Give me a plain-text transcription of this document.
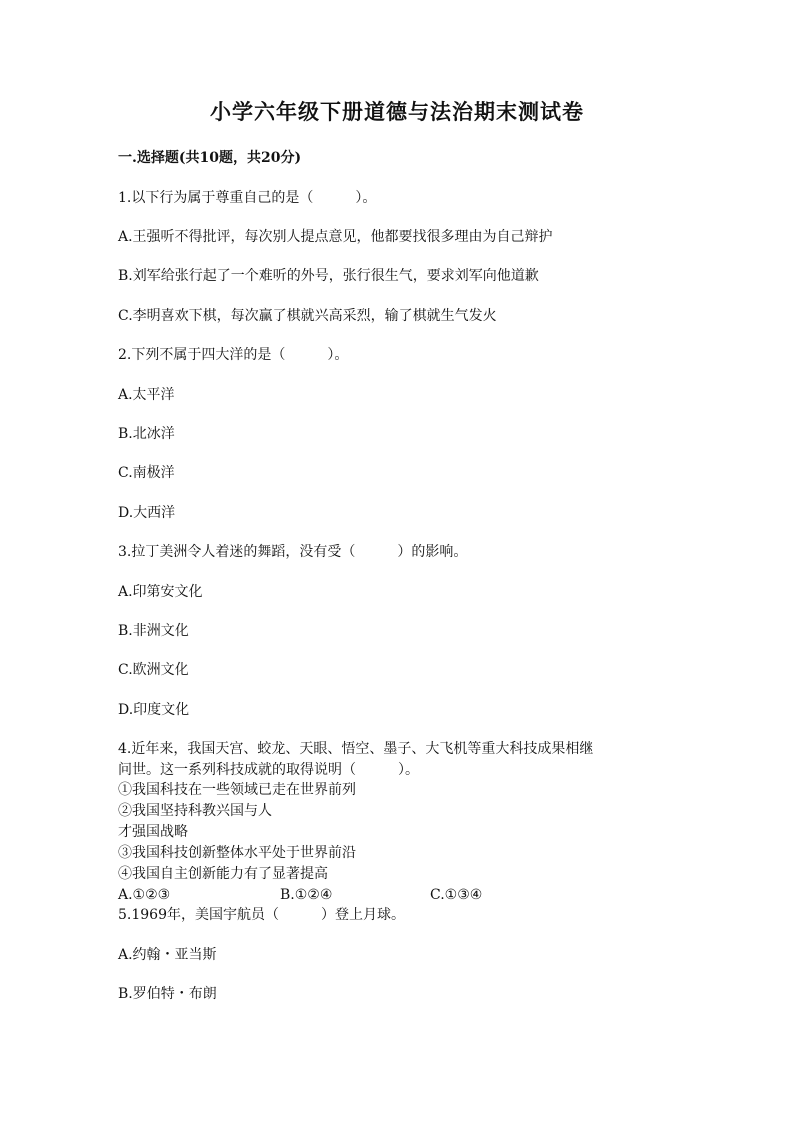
小学六年级下册道德与法治期末测试卷
一.选择题(共10题，共20分)
1.以下行为属于尊重自己的是（　　　）。
A.王强听不得批评，每次别人提点意见，他都要找很多理由为自己辩护
B.刘军给张行起了一个难听的外号，张行很生气，要求刘军向他道歉
C.李明喜欢下棋，每次赢了棋就兴高采烈，输了棋就生气发火
2.下列不属于四大洋的是（　　　）。
A.太平洋
B.北冰洋
C.南极洋
D.大西洋
3.拉丁美洲令人着迷的舞蹈，没有受（　　　）的影响。
A.印第安文化
B.非洲文化
C.欧洲文化
D.印度文化
4.近年来，我国天宫、蛟龙、天眼、悟空、墨子、大飞机等重大科技成果相继
问世。这一系列科技成就的取得说明（　　　）。
①我国科技在一些领域已走在世界前列
②我国坚持科教兴国与人
才强国战略
③我国科技创新整体水平处于世界前沿
④我国自主创新能力有了显著提高
A.①②③	B.①②④	C.①③④
5.1969年，美国宇航员（　　　）登上月球。
A.约翰・亚当斯
B.罗伯特・布朗
